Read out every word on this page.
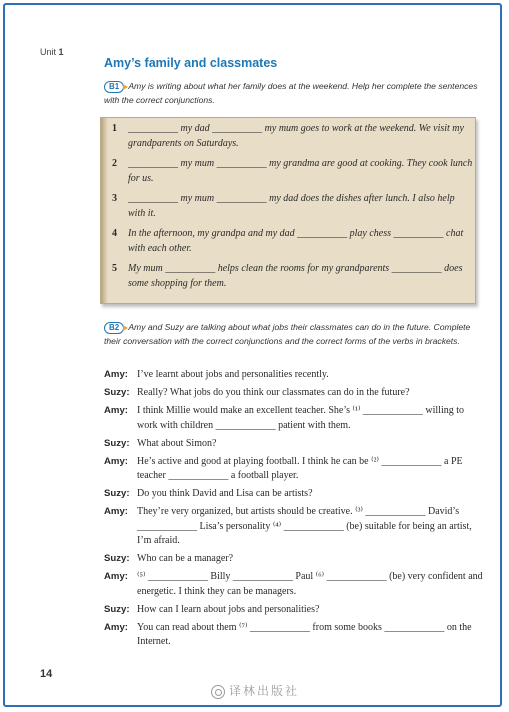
Unit 1
Amy’s family and classmates
B1 Amy is writing about what her family does at the weekend. Help her complete the sentences with the correct conjunctions.
1	__________ my dad __________ my mum goes to work at the weekend. We visit my grandparents on Saturdays.
2	__________ my mum __________ my grandma are good at cooking. They cook lunch for us.
3	__________ my mum __________ my dad does the dishes after lunch. I also help with it.
4	In the afternoon, my grandpa and my dad __________ play chess __________ chat with each other.
5	My mum __________ helps clean the rooms for my grandparents __________ does some shopping for them.
B2 Amy and Suzy are talking about what jobs their classmates can do in the future. Complete their conversation with the correct conjunctions and the correct forms of the verbs in brackets.
Amy: I’ve learnt about jobs and personalities recently.
Suzy: Really? What jobs do you think our classmates can do in the future?
Amy: I think Millie would make an excellent teacher. She’s ⁽¹⁾ ____________ willing to work with children ____________ patient with them.
Suzy: What about Simon?
Amy: He’s active and good at playing football. I think he can be ⁽²⁾ ____________ a PE teacher ____________ a football player.
Suzy: Do you think David and Lisa can be artists?
Amy: They’re very organized, but artists should be creative. ⁽³⁾ ____________ David’s ____________ Lisa’s personality ⁽⁴⁾ ____________ (be) suitable for being an artist, I’m afraid.
Suzy: Who can be a manager?
Amy: ⁽⁵⁾ ____________ Billy ____________ Paul ⁽⁶⁾ ____________ (be) very confident and energetic. I think they can be managers.
Suzy: How can I learn about jobs and personalities?
Amy: You can read about them ⁽⁷⁾ ____________ from some books ____________ on the Internet.
14
译林出版社
